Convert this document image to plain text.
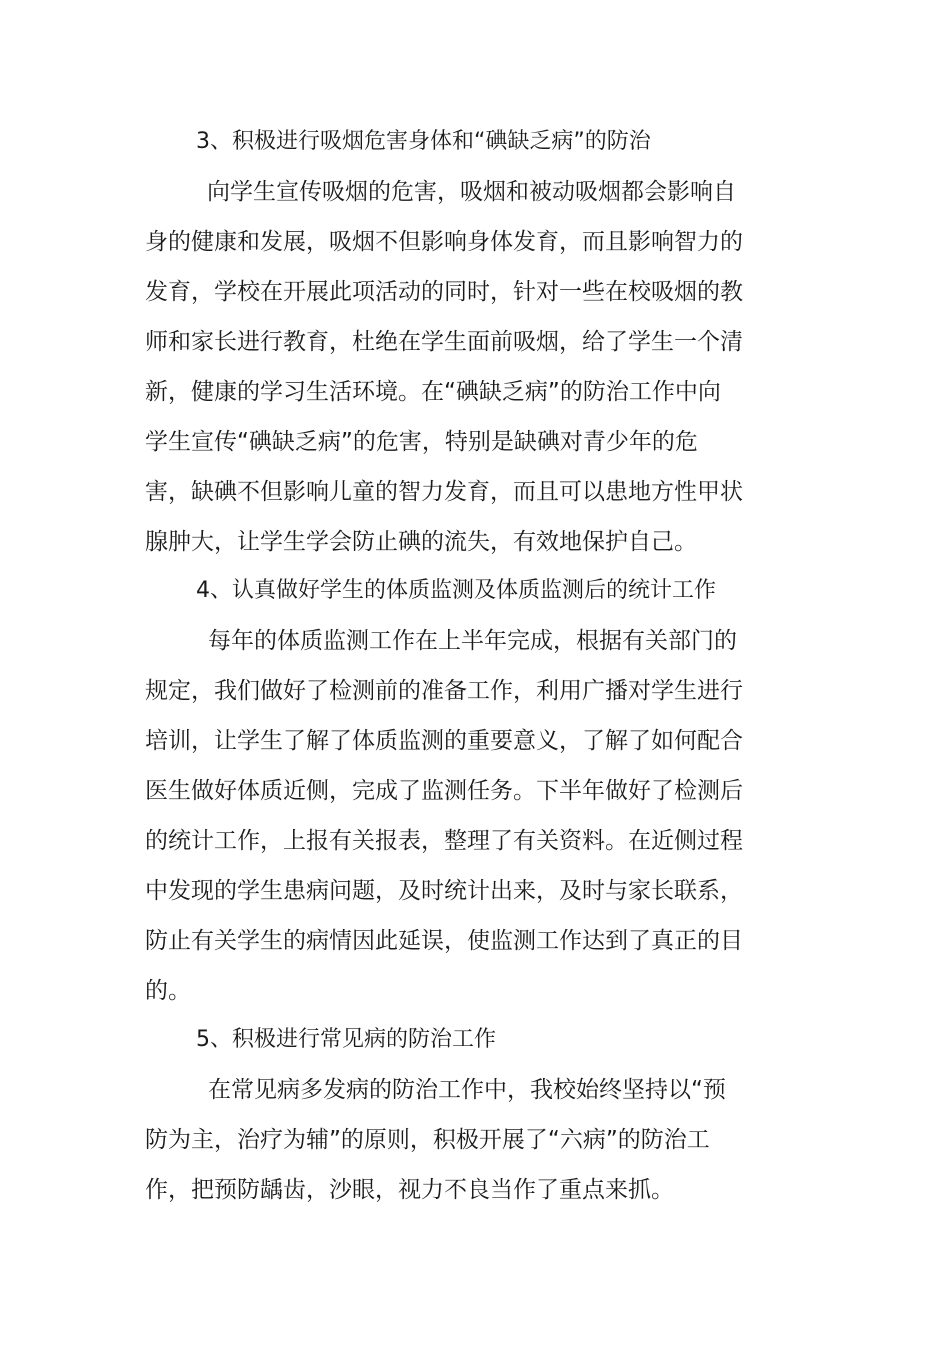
3、积极进行吸烟危害身体和“碘缺乏病”的防治
向学生宣传吸烟的危害，吸烟和被动吸烟都会影响自
身的健康和发展，吸烟不但影响身体发育，而且影响智力的
发育，学校在开展此项活动的同时，针对一些在校吸烟的教
师和家长进行教育，杜绝在学生面前吸烟，给了学生一个清
新，健康的学习生活环境。在“碘缺乏病”的防治工作中向
学生宣传“碘缺乏病”的危害，特别是缺碘对青少年的危
害，缺碘不但影响儿童的智力发育，而且可以患地方性甲状
腺肿大，让学生学会防止碘的流失，有效地保护自己。
4、认真做好学生的体质监测及体质监测后的统计工作
每年的体质监测工作在上半年完成，根据有关部门的
规定，我们做好了检测前的准备工作，利用广播对学生进行
培训，让学生了解了体质监测的重要意义，了解了如何配合
医生做好体质近侧，完成了监测任务。下半年做好了检测后
的统计工作，上报有关报表，整理了有关资料。在近侧过程
中发现的学生患病问题，及时统计出来，及时与家长联系，
防止有关学生的病情因此延误，使监测工作达到了真正的目
的。
5、积极进行常见病的防治工作
在常见病多发病的防治工作中，我校始终坚持以“预
防为主，治疗为辅”的原则，积极开展了“六病”的防治工
作，把预防龋齿，沙眼，视力不良当作了重点来抓。
